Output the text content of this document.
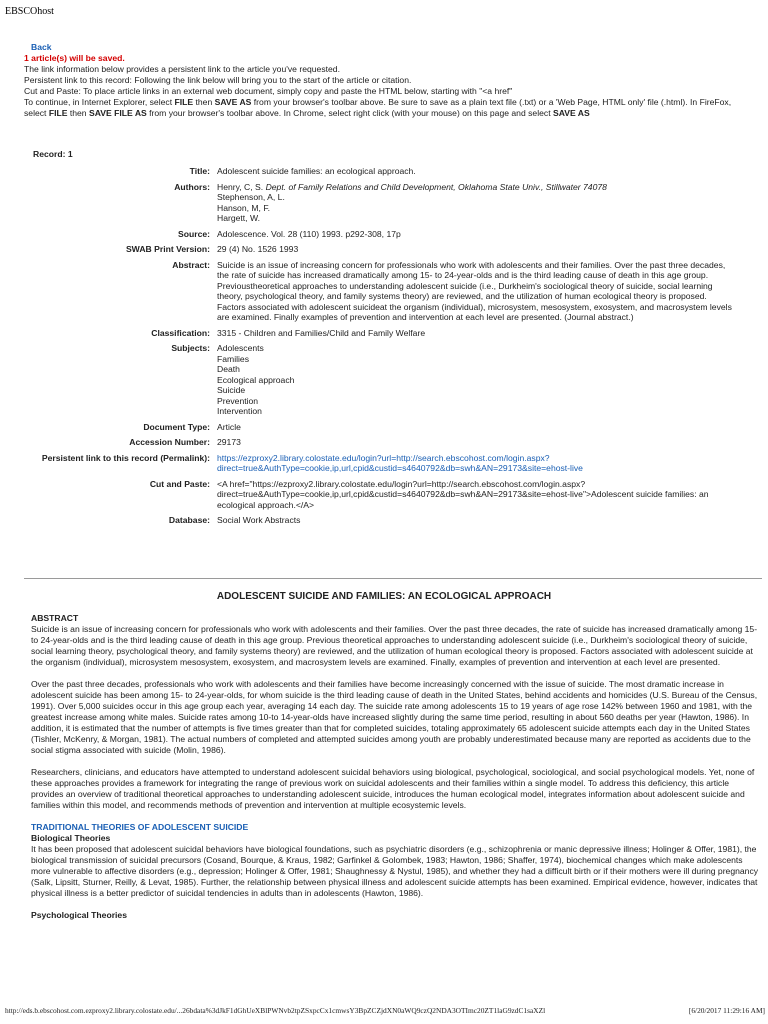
EBSCOhost
Back
1 article(s) will be saved.
The link information below provides a persistent link to the article you've requested.
Persistent link to this record: Following the link below will bring you to the start of the article or citation.
Cut and Paste: To place article links in an external web document, simply copy and paste the HTML below, starting with "<a href"
To continue, in Internet Explorer, select FILE then SAVE AS from your browser's toolbar above. Be sure to save as a plain text file (.txt) or a 'Web Page, HTML only' file (.html). In FireFox, select FILE then SAVE FILE AS from your browser's toolbar above. In Chrome, select right click (with your mouse) on this page and select SAVE AS
Record: 1
Title: Adolescent suicide families: an ecological approach.
Authors: Henry, C, S. Dept. of Family Relations and Child Development, Oklahoma State Univ., Stillwater 74078
Stephenson, A, L.
Hanson, M, F.
Hargett, W.
Source: Adolescence. Vol. 28 (110) 1993. p292-308, 17p
SWAB Print Version: 29 (4) No. 1526 1993
Abstract: Suicide is an issue of increasing concern for professionals who work with adolescents and their families. Over the past three decades, the rate of suicide has increased dramatically among 15- to 24-year-olds and is the third leading cause of death in this age group. Previoustheoretical approaches to understanding adolescent suicide (i.e., Durkheim's sociological theory of suicide, social learning theory, psychological theory, and family systems theory) are reviewed, and the utilization of human ecological theory is proposed. Factors associated with adolescent suicideat the organism (individual), microsystem, mesosystem, exosystem, and macrosystem levels are examined. Finally examples of prevention and intervention at each level are presented. (Journal abstract.)
Classification: 3315 - Children and Families/Child and Family Welfare
Subjects: Adolescents
Families
Death
Ecological approach
Suicide
Prevention
Intervention
Document Type: Article
Accession Number: 29173
Persistent link to this record (Permalink): https://ezproxy2.library.colostate.edu/login?url=http://search.ebscohost.com/login.aspx?
direct=true&AuthType=cookie,ip,url,cpid&custid=s4640792&db=swh&AN=29173&site=ehost-live
Cut and Paste: <A href="https://ezproxy2.library.colostate.edu/login?url=http://search.ebscohost.com/login.aspx?
direct=true&AuthType=cookie,ip,url,cpid&custid=s4640792&db=swh&AN=29173&site=ehost-live">Adolescent suicide families: an
ecological approach.</A>
Database: Social Work Abstracts
ADOLESCENT SUICIDE AND FAMILIES: AN ECOLOGICAL APPROACH
ABSTRACT

Suicide is an issue of increasing concern for professionals who work with adolescents and their families. Over the past three decades, the rate of suicide has increased dramatically among 15-to 24-year-olds and is the third leading cause of death in this age group. Previous theoretical approaches to understanding adolescent suicide (i.e., Durkheim's sociological theory of suicide, social learning theory, psychological theory, and family systems theory) are reviewed, and the utilization of human ecological theory is proposed. Factors associated with adolescent suicide at the organism (individual), microsystem mesosystem, exosystem, and macrosystem levels are examined. Finally, examples of prevention and intervention at each level are presented.

Over the past three decades, professionals who work with adolescents and their families have become increasingly concerned with the issue of suicide. The most dramatic increase in adolescent suicide has been among 15- to 24-year-olds, for whom suicide is the third leading cause of death in the United States, behind accidents and homicides (U.S. Bureau of the Census, 1991). Over 5,000 suicides occur in this age group each year, averaging 14 each day. The suicide rate among adolescents 15 to 19 years of age rose 142% between 1960 and 1981, with the greatest increase among white males. Suicide rates among 10-to 14-year-olds have increased slightly during the same time period, resulting in about 560 deaths per year (Hawton, 1986). In addition, it is estimated that the number of attempts is five times greater than that for completed suicides, totaling approximately 65 adolescent suicide attempts each day in the United States (Tishler, McKenry, & Morgan, 1981). The actual numbers of completed and attempted suicides among youth are probably underestimated because many are reported as accidents due to the social stigma associated with suicide (Molin, 1986).

Researchers, clinicians, and educators have attempted to understand adolescent suicidal behaviors using biological, psychological, sociological, and social psychological models. Yet, none of these approaches provides a framework for integrating the range of previous work on suicidal adolescents and their families within a single model. To address this deficiency, this article provides an overview of traditional theoretical approaches to understanding adolescent suicide, introduces the human ecological model, integrates information about adolescent suicide and families within this model, and recommends methods of prevention and intervention at multiple ecosystemic levels.

TRADITIONAL THEORIES OF ADOLESCENT SUICIDE
Biological Theories

It has been proposed that adolescent suicidal behaviors have biological foundations, such as psychiatric disorders (e.g., schizophrenia or manic depressive illness; Holinger & Offer, 1981), the biological transmission of suicidal precursors (Cosand, Bourque, & Kraus, 1982; Garfinkel & Golombek, 1983; Hawton, 1986; Shaffer, 1974), biochemical changes which make adolescents more vulnerable to affective disorders (e.g., depression; Holinger & Offer, 1981; Shaughnessy & Nystul, 1985), and whether they had a difficult birth or if their mothers were ill during pregnancy (Salk, Lipsitt, Sturner, Reilly, & Levat, 1985). Further, the relationship between physical illness and adolescent suicide attempts has been examined. Empirical evidence, however, indicates that physical illness is a better predictor of suicidal tendencies in adults than in adolescents (Hawton, 1986).

Psychological Theories
http://eds.b.ebscohost.com.ezproxy2.library.colostate.edu/...26bdata%3dJkF1dGhUeXBlPWNvb2tpZSxpcCx1cmwsY3BpZCZjdXN0aWQ9czQ2NDA3OTImc20ZT1laG9zdC1saXZl	[6/20/2017 11:29:16 AM]
